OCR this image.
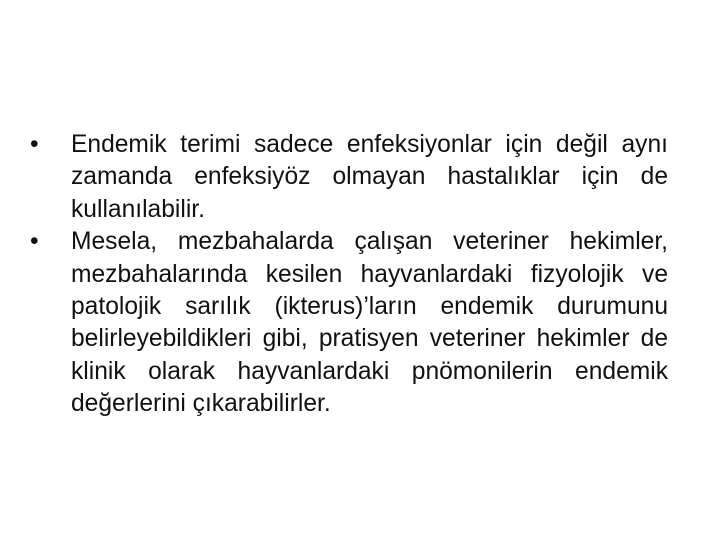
• Endemik terimi sadece enfeksiyonlar için değil aynı zamanda enfeksiyöz olmayan hastalıklar için de kullanılabilir.
• Mesela, mezbahalarda çalışan veteriner hekimler, mezbahalarında kesilen hayvanlardaki fizyolojik ve patolojik sarılık (ikterus)’ların endemik durumunu belirleyebildikleri gibi, pratisyen veteriner hekimler de klinik olarak hayvanlardaki pnömonilerin endemik değerlerini çıkarabilirler.
